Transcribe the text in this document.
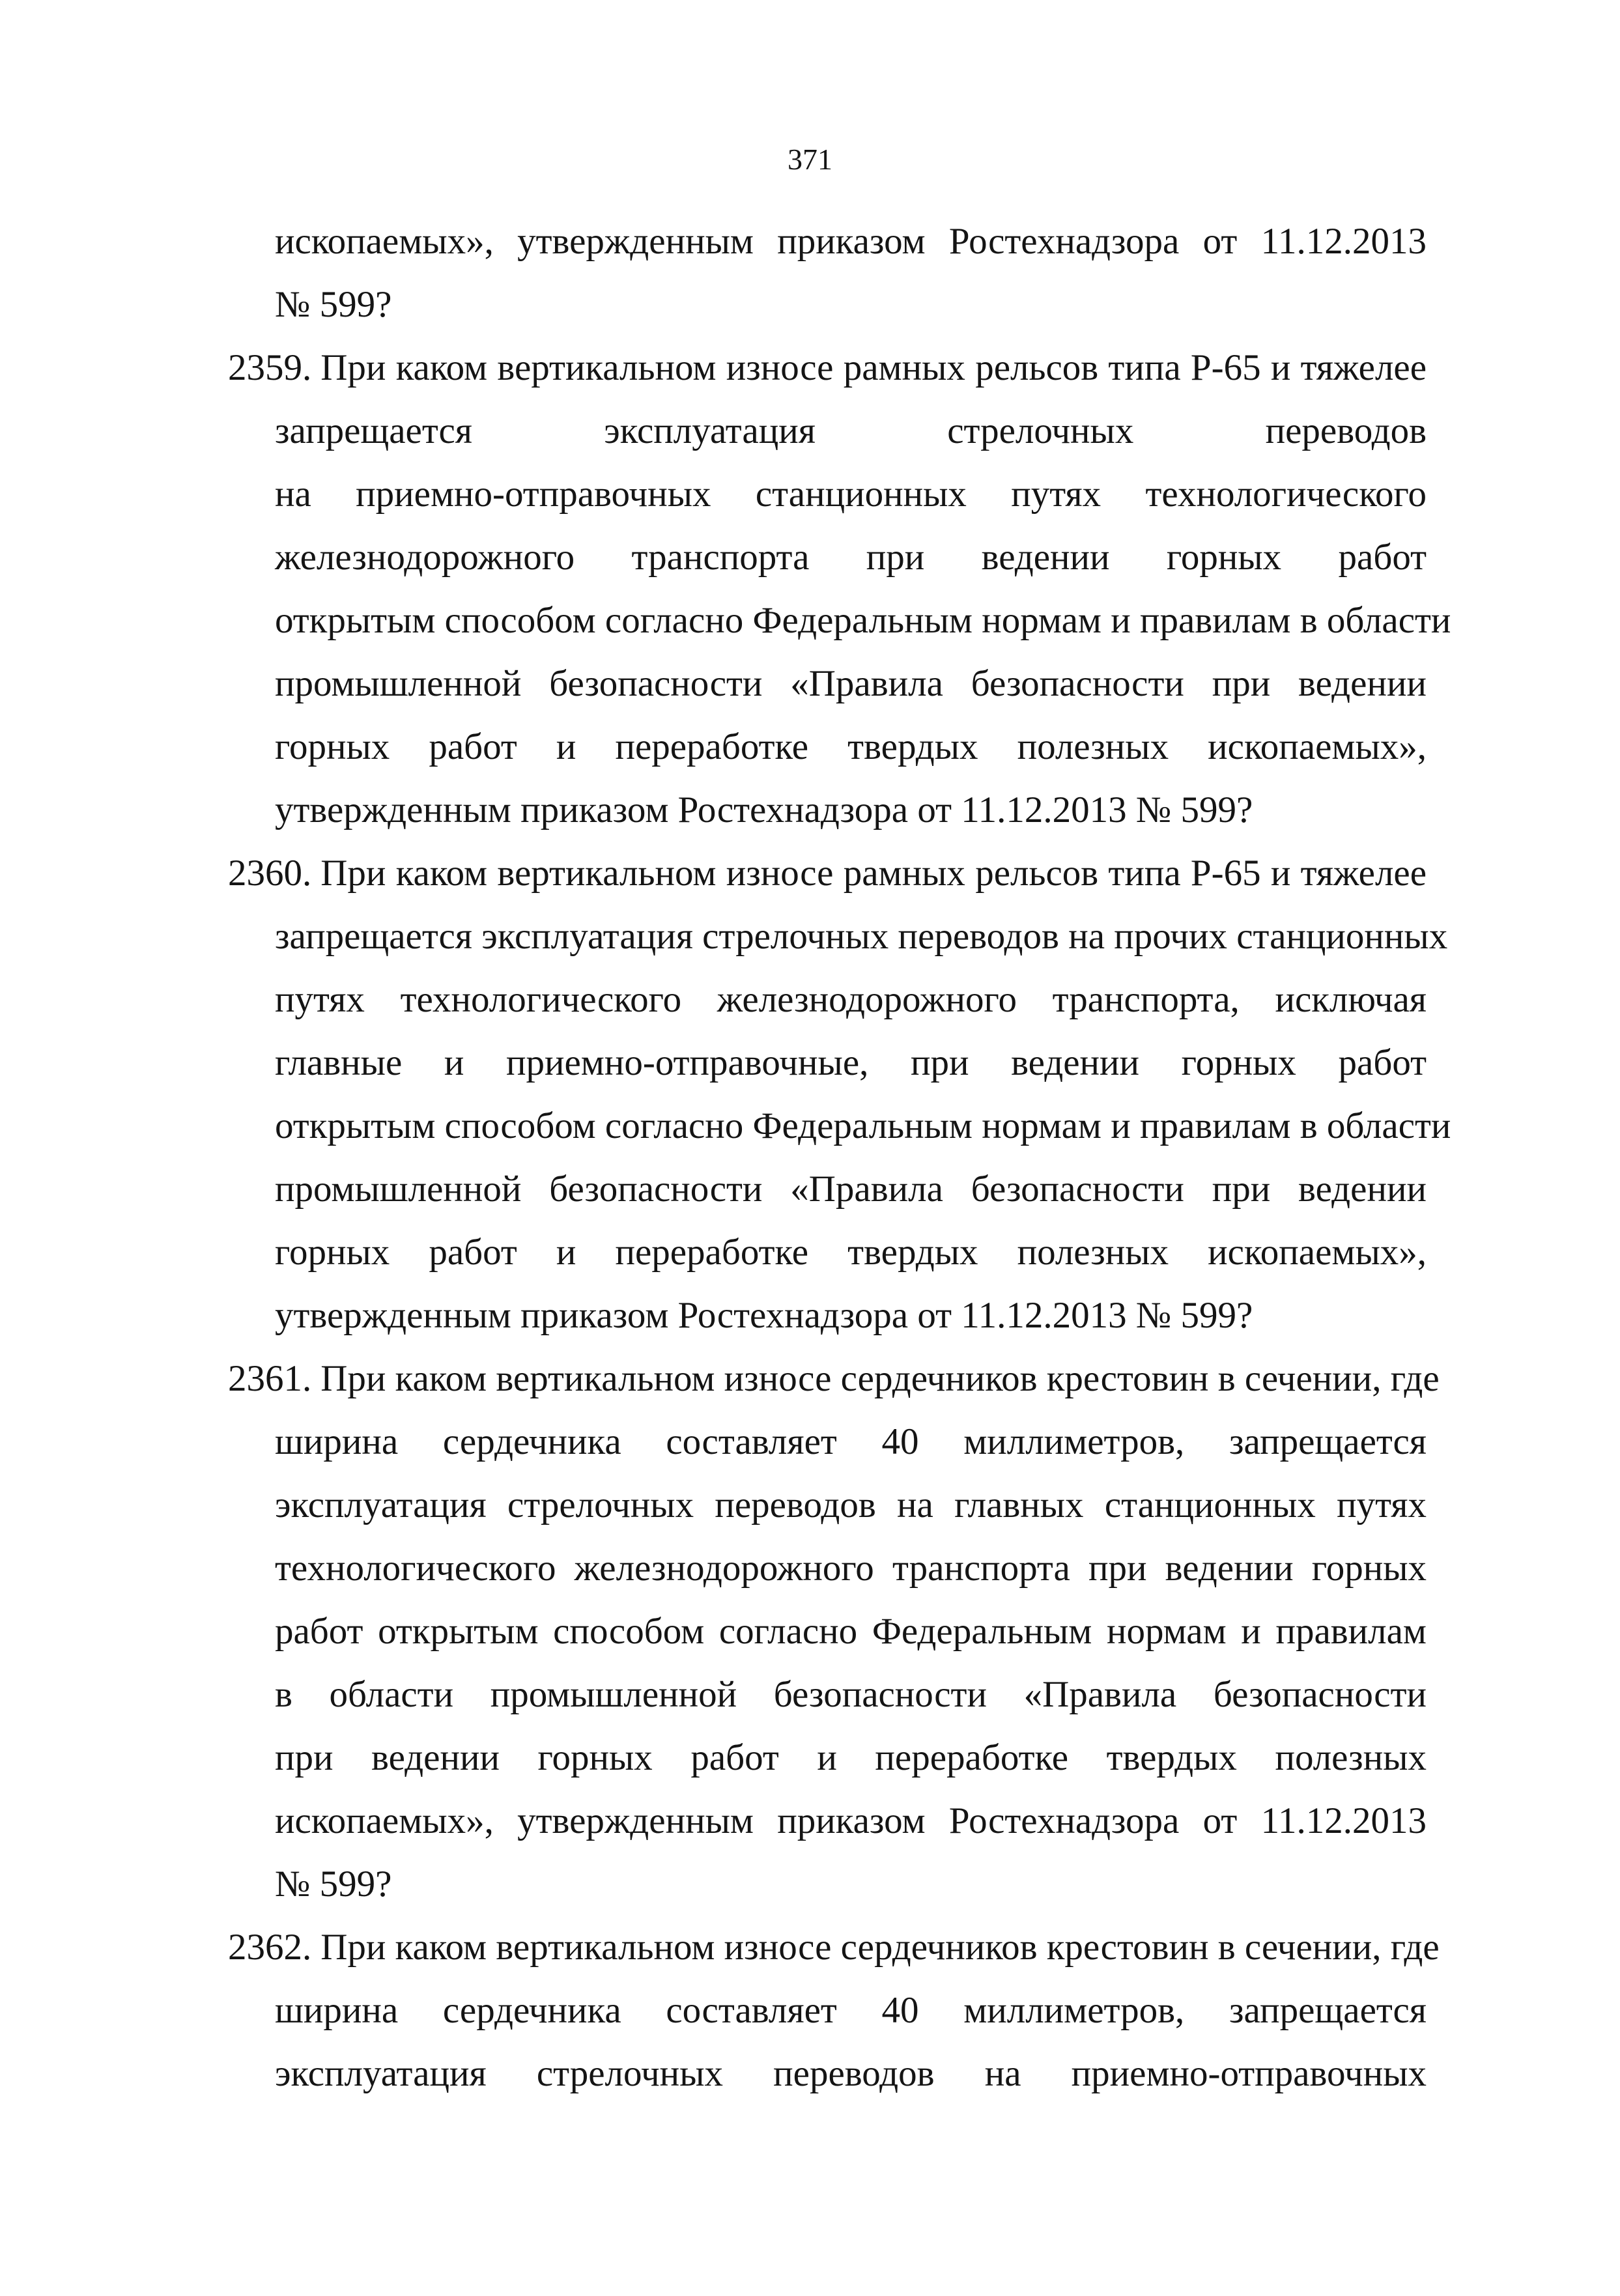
371
ископаемых», утвержденным приказом Ростехнадзора от 11.12.2013
№ 599?
2359. При каком вертикальном износе рамных рельсов типа Р-65 и тяжелее
запрещается эксплуатация стрелочных переводов
на приемно-отправочных станционных путях технологического
железнодорожного транспорта при ведении горных работ
открытым способом согласно Федеральным нормам и правилам в области
промышленной безопасности «Правила безопасности при ведении
горных работ и переработке твердых полезных ископаемых»,
утвержденным приказом Ростехнадзора от 11.12.2013 № 599?
2360. При каком вертикальном износе рамных рельсов типа Р-65 и тяжелее
запрещается эксплуатация стрелочных переводов на прочих станционных
путях технологического железнодорожного транспорта, исключая
главные и приемно-отправочные, при ведении горных работ
открытым способом согласно Федеральным нормам и правилам в области
промышленной безопасности «Правила безопасности при ведении
горных работ и переработке твердых полезных ископаемых»,
утвержденным приказом Ростехнадзора от 11.12.2013 № 599?
2361. При каком вертикальном износе сердечников крестовин в сечении, где
ширина сердечника составляет 40 миллиметров, запрещается
эксплуатация стрелочных переводов на главных станционных путях
технологического железнодорожного транспорта при ведении горных
работ открытым способом согласно Федеральным нормам и правилам
в области промышленной безопасности «Правила безопасности
при ведении горных работ и переработке твердых полезных
ископаемых», утвержденным приказом Ростехнадзора от 11.12.2013
№ 599?
2362. При каком вертикальном износе сердечников крестовин в сечении, где
ширина сердечника составляет 40 миллиметров, запрещается
эксплуатация стрелочных переводов на приемно-отправочных
